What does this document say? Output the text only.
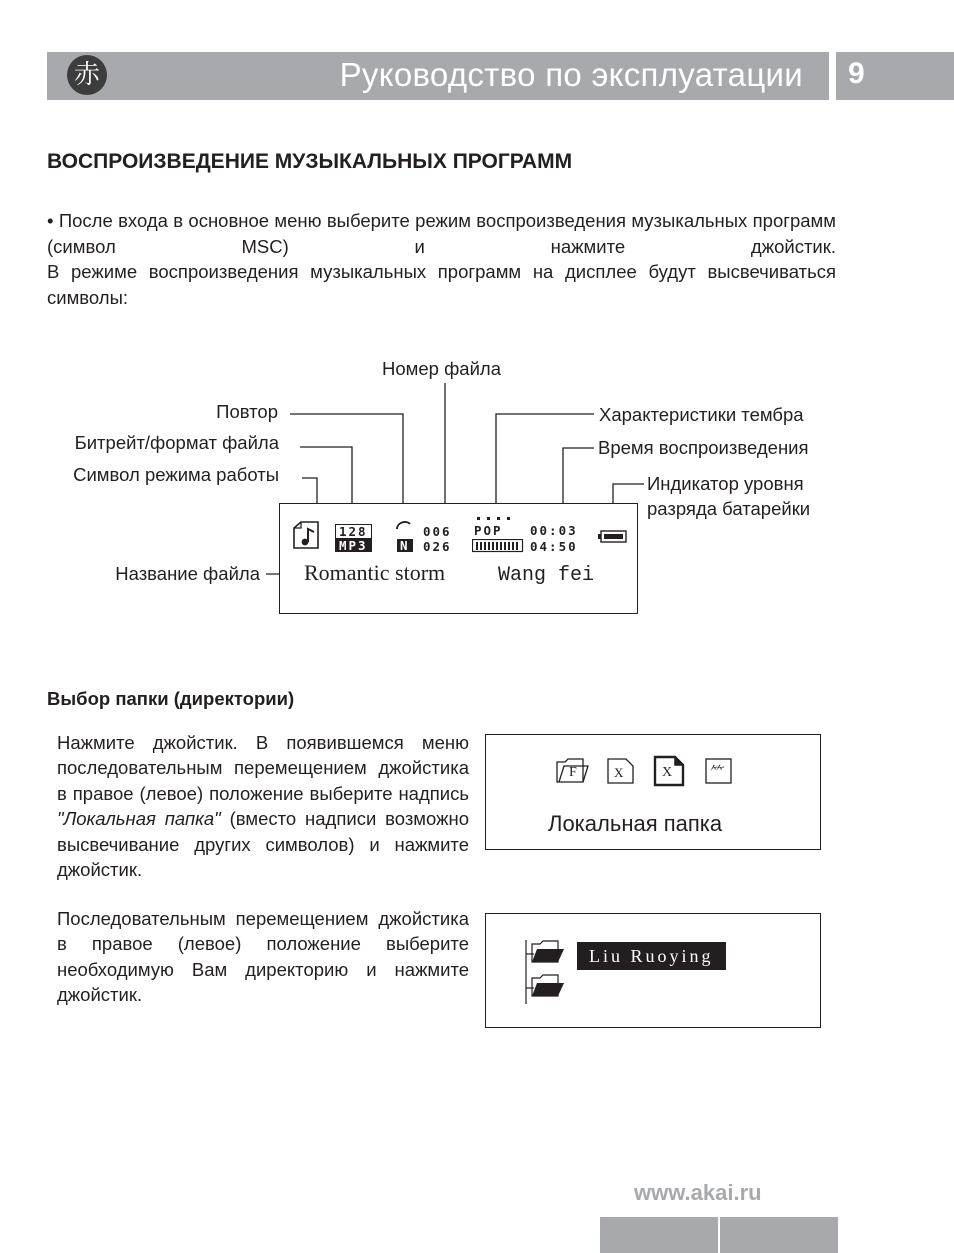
赤	Руководство по эксплуатации 9
ВОСПРОИЗВЕДЕНИЕ МУЗЫКАЛЬНЫХ ПРОГРАММ

• После входа в основное меню выберите режим воспроизведения музыкальных программ (символ MSC) и нажмите джойстик.

В режиме воспроизведения музыкальных программ на дисплее будут высвечиваться символы:

Номер файла
Повтор
Битрейт/формат файла
Символ режима работы
Название файла
Характеристики тембра
Время воспроизведения
Индикатор уровня
разряда батарейки
128
MP3	N
006
026
POP 00:03
04:50
Romantic storm	Wang fei
Выбор папки (директории)

Нажмите джойстик. В появившемся меню последовательным перемещением джойстика в правое (левое) положение выберите надпись "Локальная папка" (вместо надписи возможно высвечивание других символов) и нажмите джойстик.

Последовательным перемещением джойстика в правое (левое) положение выберите необходимую Вам директорию и нажмите джойстик.

F	X	X	⺮
Локальная папка
Liu Ruoying
www.akai.ru
